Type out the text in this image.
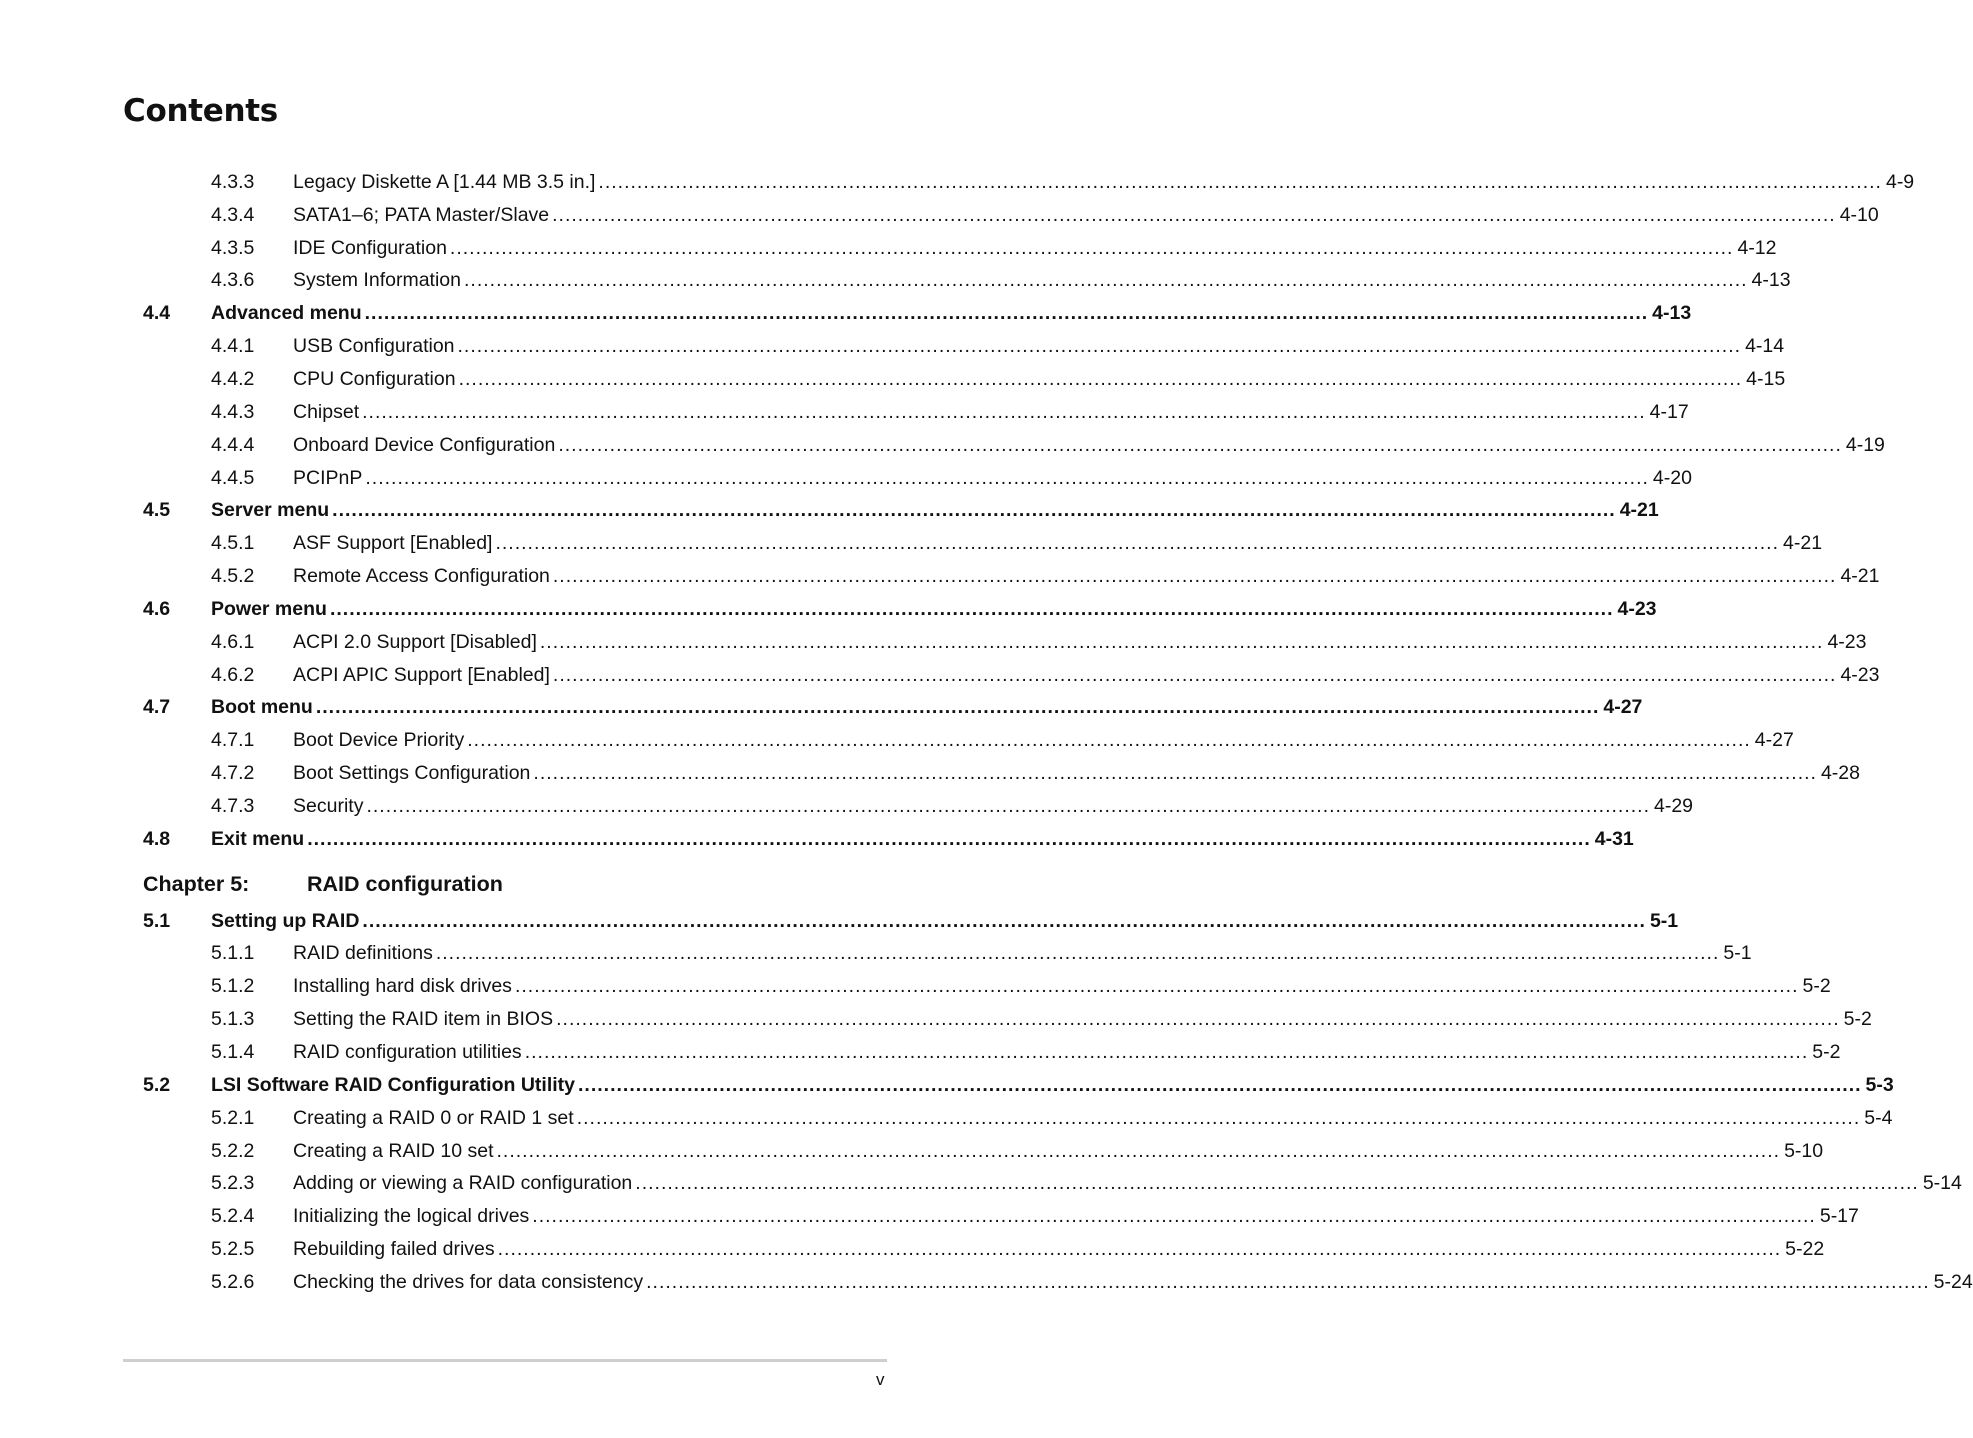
Contents
4.3.3 Legacy Diskette A [1.44 MB 3.5 in.] ........................................................................................................................................................................................................ 4-9
4.3.4 SATA1–6; PATA Master/Slave ........................................................................................................................................................................................................ 4-10
4.3.5 IDE Configuration ........................................................................................................................................................................................................ 4-12
4.3.6 System Information ........................................................................................................................................................................................................ 4-13
4.4 Advanced menu ........................................................................................................................................................................................................ 4-13
4.4.1 USB Configuration ........................................................................................................................................................................................................ 4-14
4.4.2 CPU Configuration ........................................................................................................................................................................................................ 4-15
4.4.3 Chipset ........................................................................................................................................................................................................ 4-17
4.4.4 Onboard Device Configuration ........................................................................................................................................................................................................ 4-19
4.4.5 PCIPnP ........................................................................................................................................................................................................ 4-20
4.5 Server menu ........................................................................................................................................................................................................ 4-21
4.5.1 ASF Support [Enabled] ........................................................................................................................................................................................................ 4-21
4.5.2 Remote Access Configuration ........................................................................................................................................................................................................ 4-21
4.6 Power menu ........................................................................................................................................................................................................ 4-23
4.6.1 ACPI 2.0 Support [Disabled] ........................................................................................................................................................................................................ 4-23
4.6.2 ACPI APIC Support [Enabled] ........................................................................................................................................................................................................ 4-23
4.7 Boot menu ........................................................................................................................................................................................................ 4-27
4.7.1 Boot Device Priority ........................................................................................................................................................................................................ 4-27
4.7.2 Boot Settings Configuration ........................................................................................................................................................................................................ 4-28
4.7.3 Security ........................................................................................................................................................................................................ 4-29
4.8 Exit menu ........................................................................................................................................................................................................ 4-31
Chapter 5:	RAID configuration
5.1 Setting up RAID ........................................................................................................................................................................................................ 5-1
5.1.1 RAID definitions ........................................................................................................................................................................................................ 5-1
5.1.2 Installing hard disk drives ........................................................................................................................................................................................................ 5-2
5.1.3 Setting the RAID item in BIOS ........................................................................................................................................................................................................ 5-2
5.1.4 RAID configuration utilities ........................................................................................................................................................................................................ 5-2
5.2 LSI Software RAID Configuration Utility ........................................................................................................................................................................................................ 5-3
5.2.1 Creating a RAID 0 or RAID 1 set ........................................................................................................................................................................................................ 5-4
5.2.2 Creating a RAID 10 set ........................................................................................................................................................................................................ 5-10
5.2.3 Adding or viewing a RAID configuration ........................................................................................................................................................................................................ 5-14
5.2.4 Initializing the logical drives ........................................................................................................................................................................................................ 5-17
5.2.5 Rebuilding failed drives ........................................................................................................................................................................................................ 5-22
5.2.6 Checking the drives for data consistency ........................................................................................................................................................................................................ 5-24
v
